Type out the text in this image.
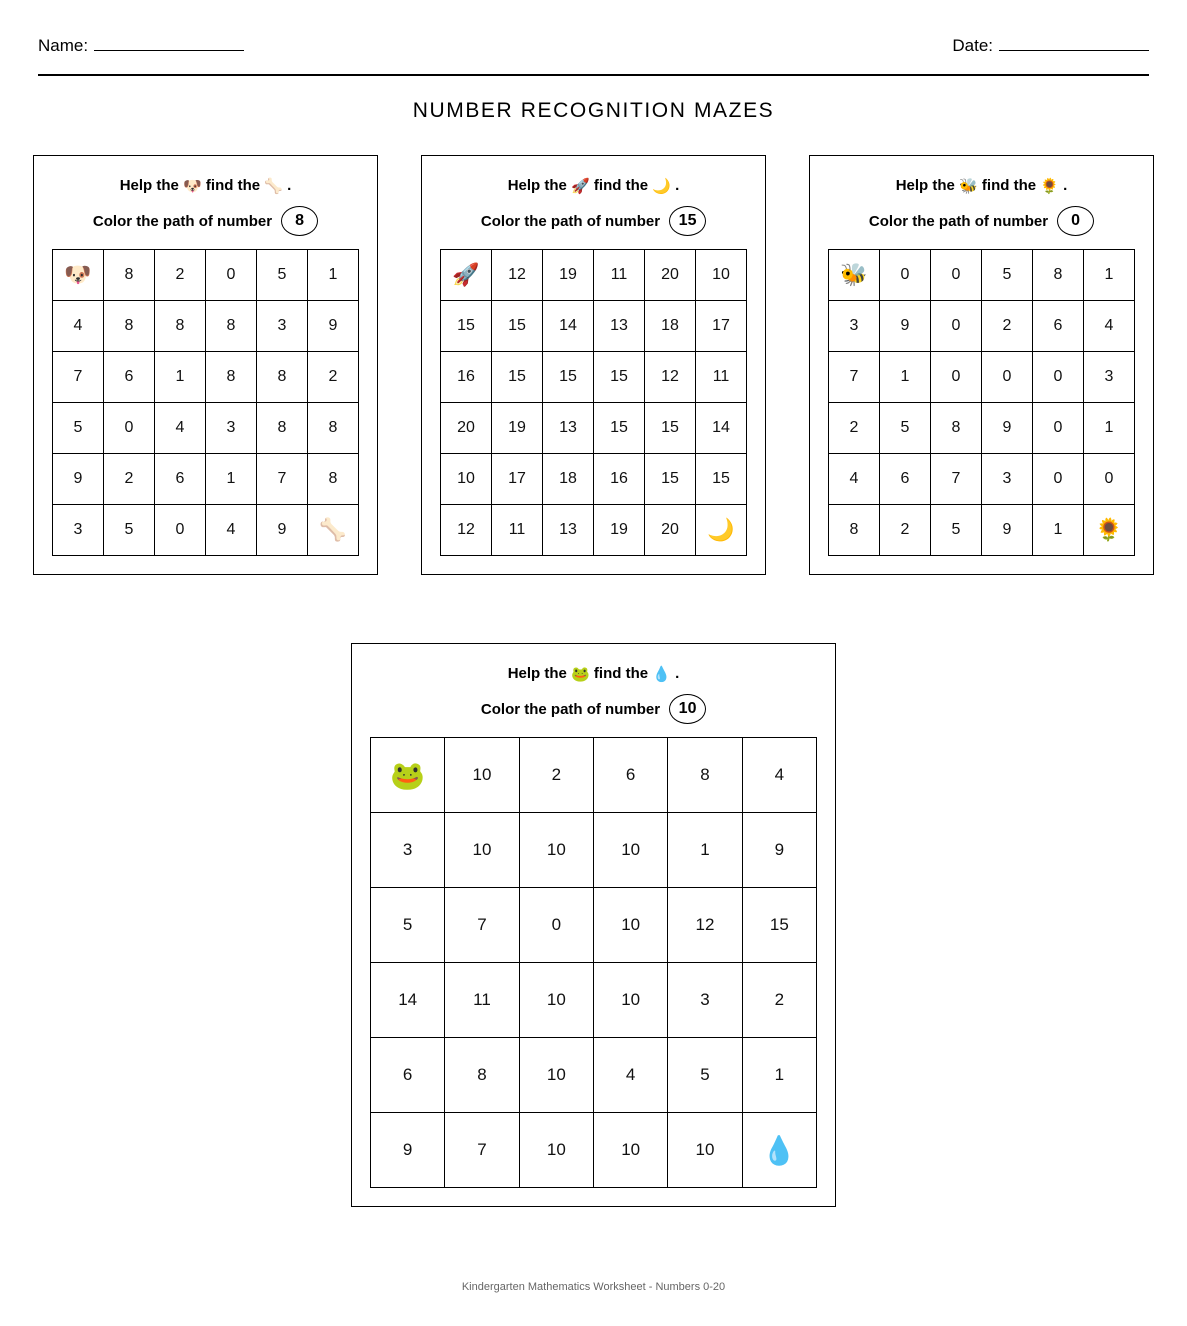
Name:	Date:
NUMBER RECOGNITION MAZES
Help the 🐶 find the 🦴 .
Color the path of number	8
🐶	8	2	0	5	1
4	8	8	8	3	9
7	6	1	8	8	2
5	0	4	3	8	8
9	2	6	1	7	8
3	5	0	4	9	🦴
Help the 🚀 find the 🌙 .
Color the path of number	15
🚀	12	19	11	20	10
15	15	14	13	18	17
16	15	15	15	12	11
20	19	13	15	15	14
10	17	18	16	15	15
12	11	13	19	20	🌙
Help the 🐝 find the 🌻 .
Color the path of number	0
🐝	0	0	5	8	1
3	9	0	2	6	4
7	1	0	0	0	3
2	5	8	9	0	1
4	6	7	3	0	0
8	2	5	9	1	🌻
Help the 🐸 find the 💧 .
Color the path of number	10
🐸	10	2	6	8	4
3	10	10	10	1	9
5	7	0	10	12	15
14	11	10	10	3	2
6	8	10	4	5	1
9	7	10	10	10	💧
Kindergarten Mathematics Worksheet - Numbers 0-20
